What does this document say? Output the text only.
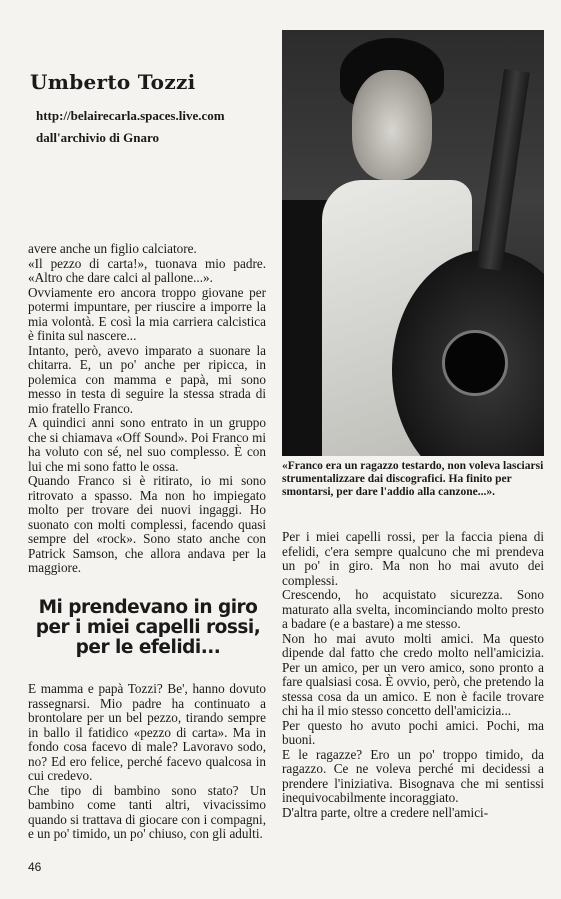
Umberto Tozzi
http://belairecarla.spaces.live.com
dall'archivio di Gnaro
«Franco era un ragazzo testardo, non voleva lasciarsi strumentalizzare dai discografici. Ha finito per smontarsi, per dare l'addio alla canzone...».

avere anche un figlio calciatore.

«Il pezzo di carta!», tuonava mio padre. «Altro che dare calci al pallone...».

Ovviamente ero ancora troppo giovane per potermi impuntare, per riuscire a imporre la mia volontà. E così la mia carriera calcistica è finita sul nascere...

Intanto, però, avevo imparato a suonare la chitarra. E, un po' anche per ripicca, in polemica con mamma e papà, mi sono messo in testa di seguire la stessa strada di mio fratello Franco.

A quindici anni sono entrato in un gruppo che si chiamava «Off Sound». Poi Franco mi ha voluto con sé, nel suo complesso. È con lui che mi sono fatto le ossa.

Quando Franco si è ritirato, io mi sono ritrovato a spasso. Ma non ho impiegato molto per trovare dei nuovi ingaggi. Ho suonato con molti complessi, facendo quasi sempre del «rock». Sono stato anche con Patrick Samson, che allora andava per la maggiore.

Mi prendevano in giro per i miei capelli rossi, per le efelidi...

E mamma e papà Tozzi? Be', hanno dovuto rassegnarsi. Mio padre ha continuato a brontolare per un bel pezzo, tirando sempre in ballo il fatidico «pezzo di carta». Ma in fondo cosa facevo di male? Lavoravo sodo, no? Ed ero felice, perché facevo qualcosa in cui credevo.

Che tipo di bambino sono stato? Un bambino come tanti altri, vivacissimo quando si trattava di giocare con i compagni, e un po' timido, un po' chiuso, con gli adulti.

Per i miei capelli rossi, per la faccia piena di efelidi, c'era sempre qualcuno che mi prendeva un po' in giro. Ma non ho mai avuto dei complessi.

Crescendo, ho acquistato sicurezza. Sono maturato alla svelta, incominciando molto presto a badare (e a bastare) a me stesso.

Non ho mai avuto molti amici. Ma questo dipende dal fatto che credo molto nell'amicizia. Per un amico, per un vero amico, sono pronto a fare qualsiasi cosa. È ovvio, però, che pretendo la stessa cosa da un amico. E non è facile trovare chi ha il mio stesso concetto dell'amicizia...

Per questo ho avuto pochi amici. Pochi, ma buoni.

E le ragazze? Ero un po' troppo timido, da ragazzo. Ce ne voleva perché mi decidessi a prendere l'iniziativa. Bisognava che mi sentissi inequivocabilmente incoraggiato.

D'altra parte, oltre a credere nell'amici-

46
